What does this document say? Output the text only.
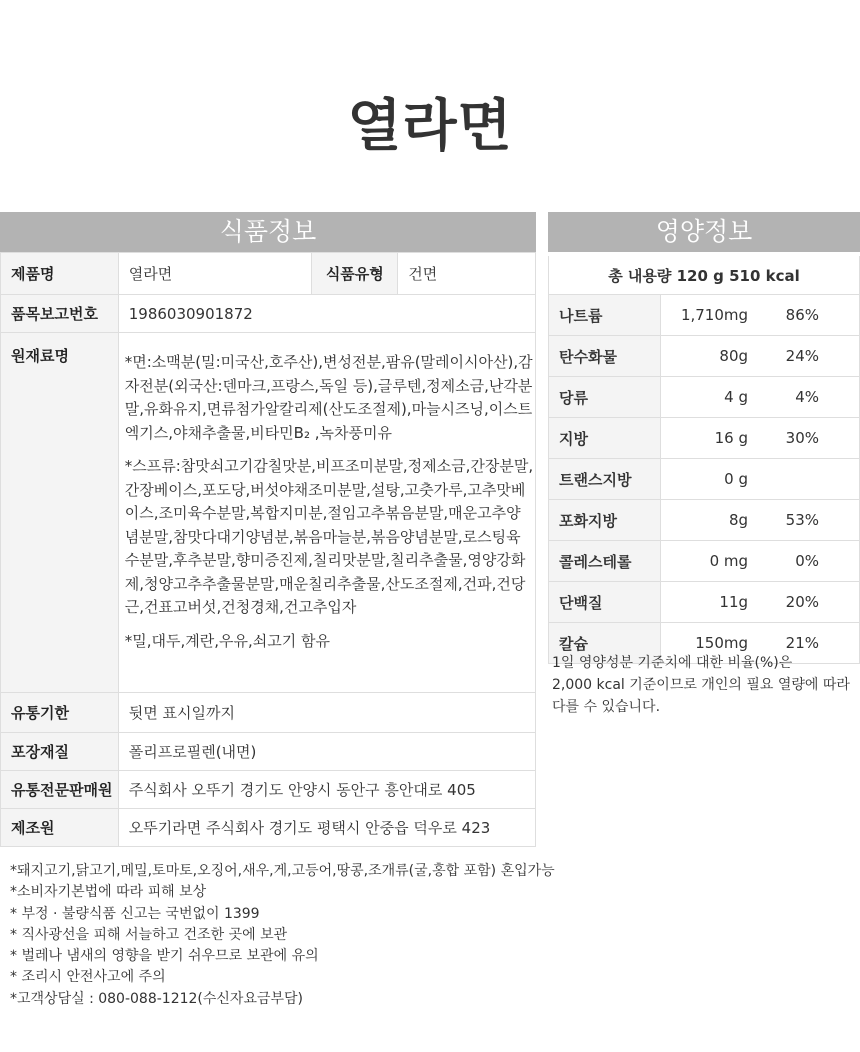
열라면
식품정보
제품명	열라면	식품유형	건면
품목보고번호	1986030901872		
원재료명	*면:소맥분(밀:미국산,호주산),변성전분,팜유(말레이시아산),감자전분(외국산:덴마크,프랑스,독일 등),글루텐,정제소금,난각분말,유화유지,면류첨가알칼리제(산도조절제),마늘시즈닝,이스트엑기스,야채추출물,비타민B₂ ,녹차풍미유

*스프류:참맛쇠고기감칠맛분,비프조미분말,정제소금,간장분말,간장베이스,포도당,버섯야채조미분말,설탕,고춧가루,고추맛베이스,조미육수분말,복합지미분,절임고추볶음분말,매운고추양념분말,참맛다대기양념분,볶음마늘분,볶음양념분말,로스팅육수분말,후추분말,향미증진제,칠리맛분말,칠리추출물,영양강화제,청양고추추출물분말,매운칠리추출물,산도조절제,건파,건당근,건표고버섯,건청경채,건고추입자

*밀,대두,계란,우유,쇠고기 함유		

유통기한	뒷면 표시일까지		
포장재질	폴리프로필렌(내면)		
유통전문판매원	주식회사 오뚜기 경기도 안양시 동안구 흥안대로 405		
제조원	오뚜기라면 주식회사 경기도 평택시 안중읍 덕우로 423		
영양정보
총 내용량 120 g 510 kcal		
나트륨	1,710mg	86%
탄수화물	80g	24%
당류	4 g	4%
지방	16 g	30%
트랜스지방	0 g	
포화지방	8g	53%
콜레스테롤	0 mg	0%
단백질	11g	20%
칼슘	150mg	21%
1일 영양성분 기준치에 대한 비율(%)은
2,000 kcal 기준이므로 개인의 필요 열량에 따라
다를 수 있습니다.
*돼지고기,닭고기,메밀,토마토,오징어,새우,게,고등어,땅콩,조개류(굴,홍합 포함) 혼입가능
*소비자기본법에 따라 피해 보상
* 부정 · 불량식품 신고는 국번없이 1399
* 직사광선을 피해 서늘하고 건조한 곳에 보관
* 벌레나 냄새의 영향을 받기 쉬우므로 보관에 유의
* 조리시 안전사고에 주의
*고객상담실 : 080-088-1212(수신자요금부담)
